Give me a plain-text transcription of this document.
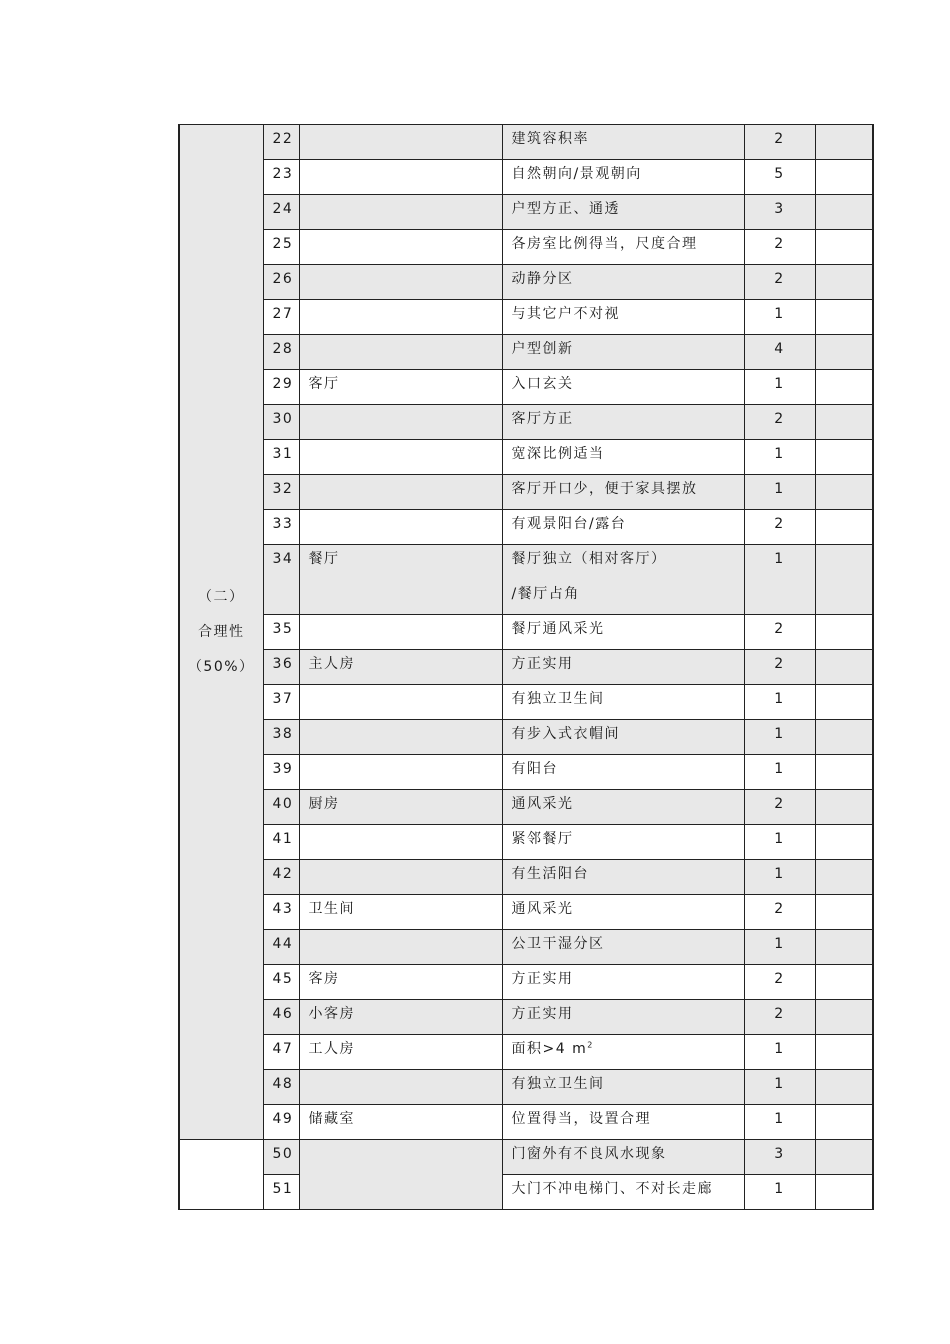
（二）
合理性
（50%）	22		建筑容积率	2	
	23		自然朝向/景观朝向	5	
	24		户型方正、通透	3	
	25		各房室比例得当，尺度合理	2	
	26		动静分区	2	
	27		与其它户不对视	1	
	28		户型创新	4	
	29	客厅	入口玄关	1	
	30		客厅方正	2	
	31		宽深比例适当	1	
	32		客厅开口少，便于家具摆放	1	
	33		有观景阳台/露台	2	
	34	餐厅	餐厅独立（相对客厅）
/餐厅占角	1	
	35		餐厅通风采光	2	
	36	主人房	方正实用	2	
	37		有独立卫生间	1	
	38		有步入式衣帽间	1	
	39		有阳台	1	
	40	厨房	通风采光	2	
	41		紧邻餐厅	1	
	42		有生活阳台	1	
	43	卫生间	通风采光	2	
	44		公卫干湿分区	1	
	45	客房	方正实用	2	
	46	小客房	方正实用	2	
	47	工人房	面积>4 $m^2$	1	
	48		有独立卫生间	1	
	49	储藏室	位置得当，设置合理	1	
	50		门窗外有不良风水现象	3	
	51		大门不冲电梯门、不对长走廊	1	
